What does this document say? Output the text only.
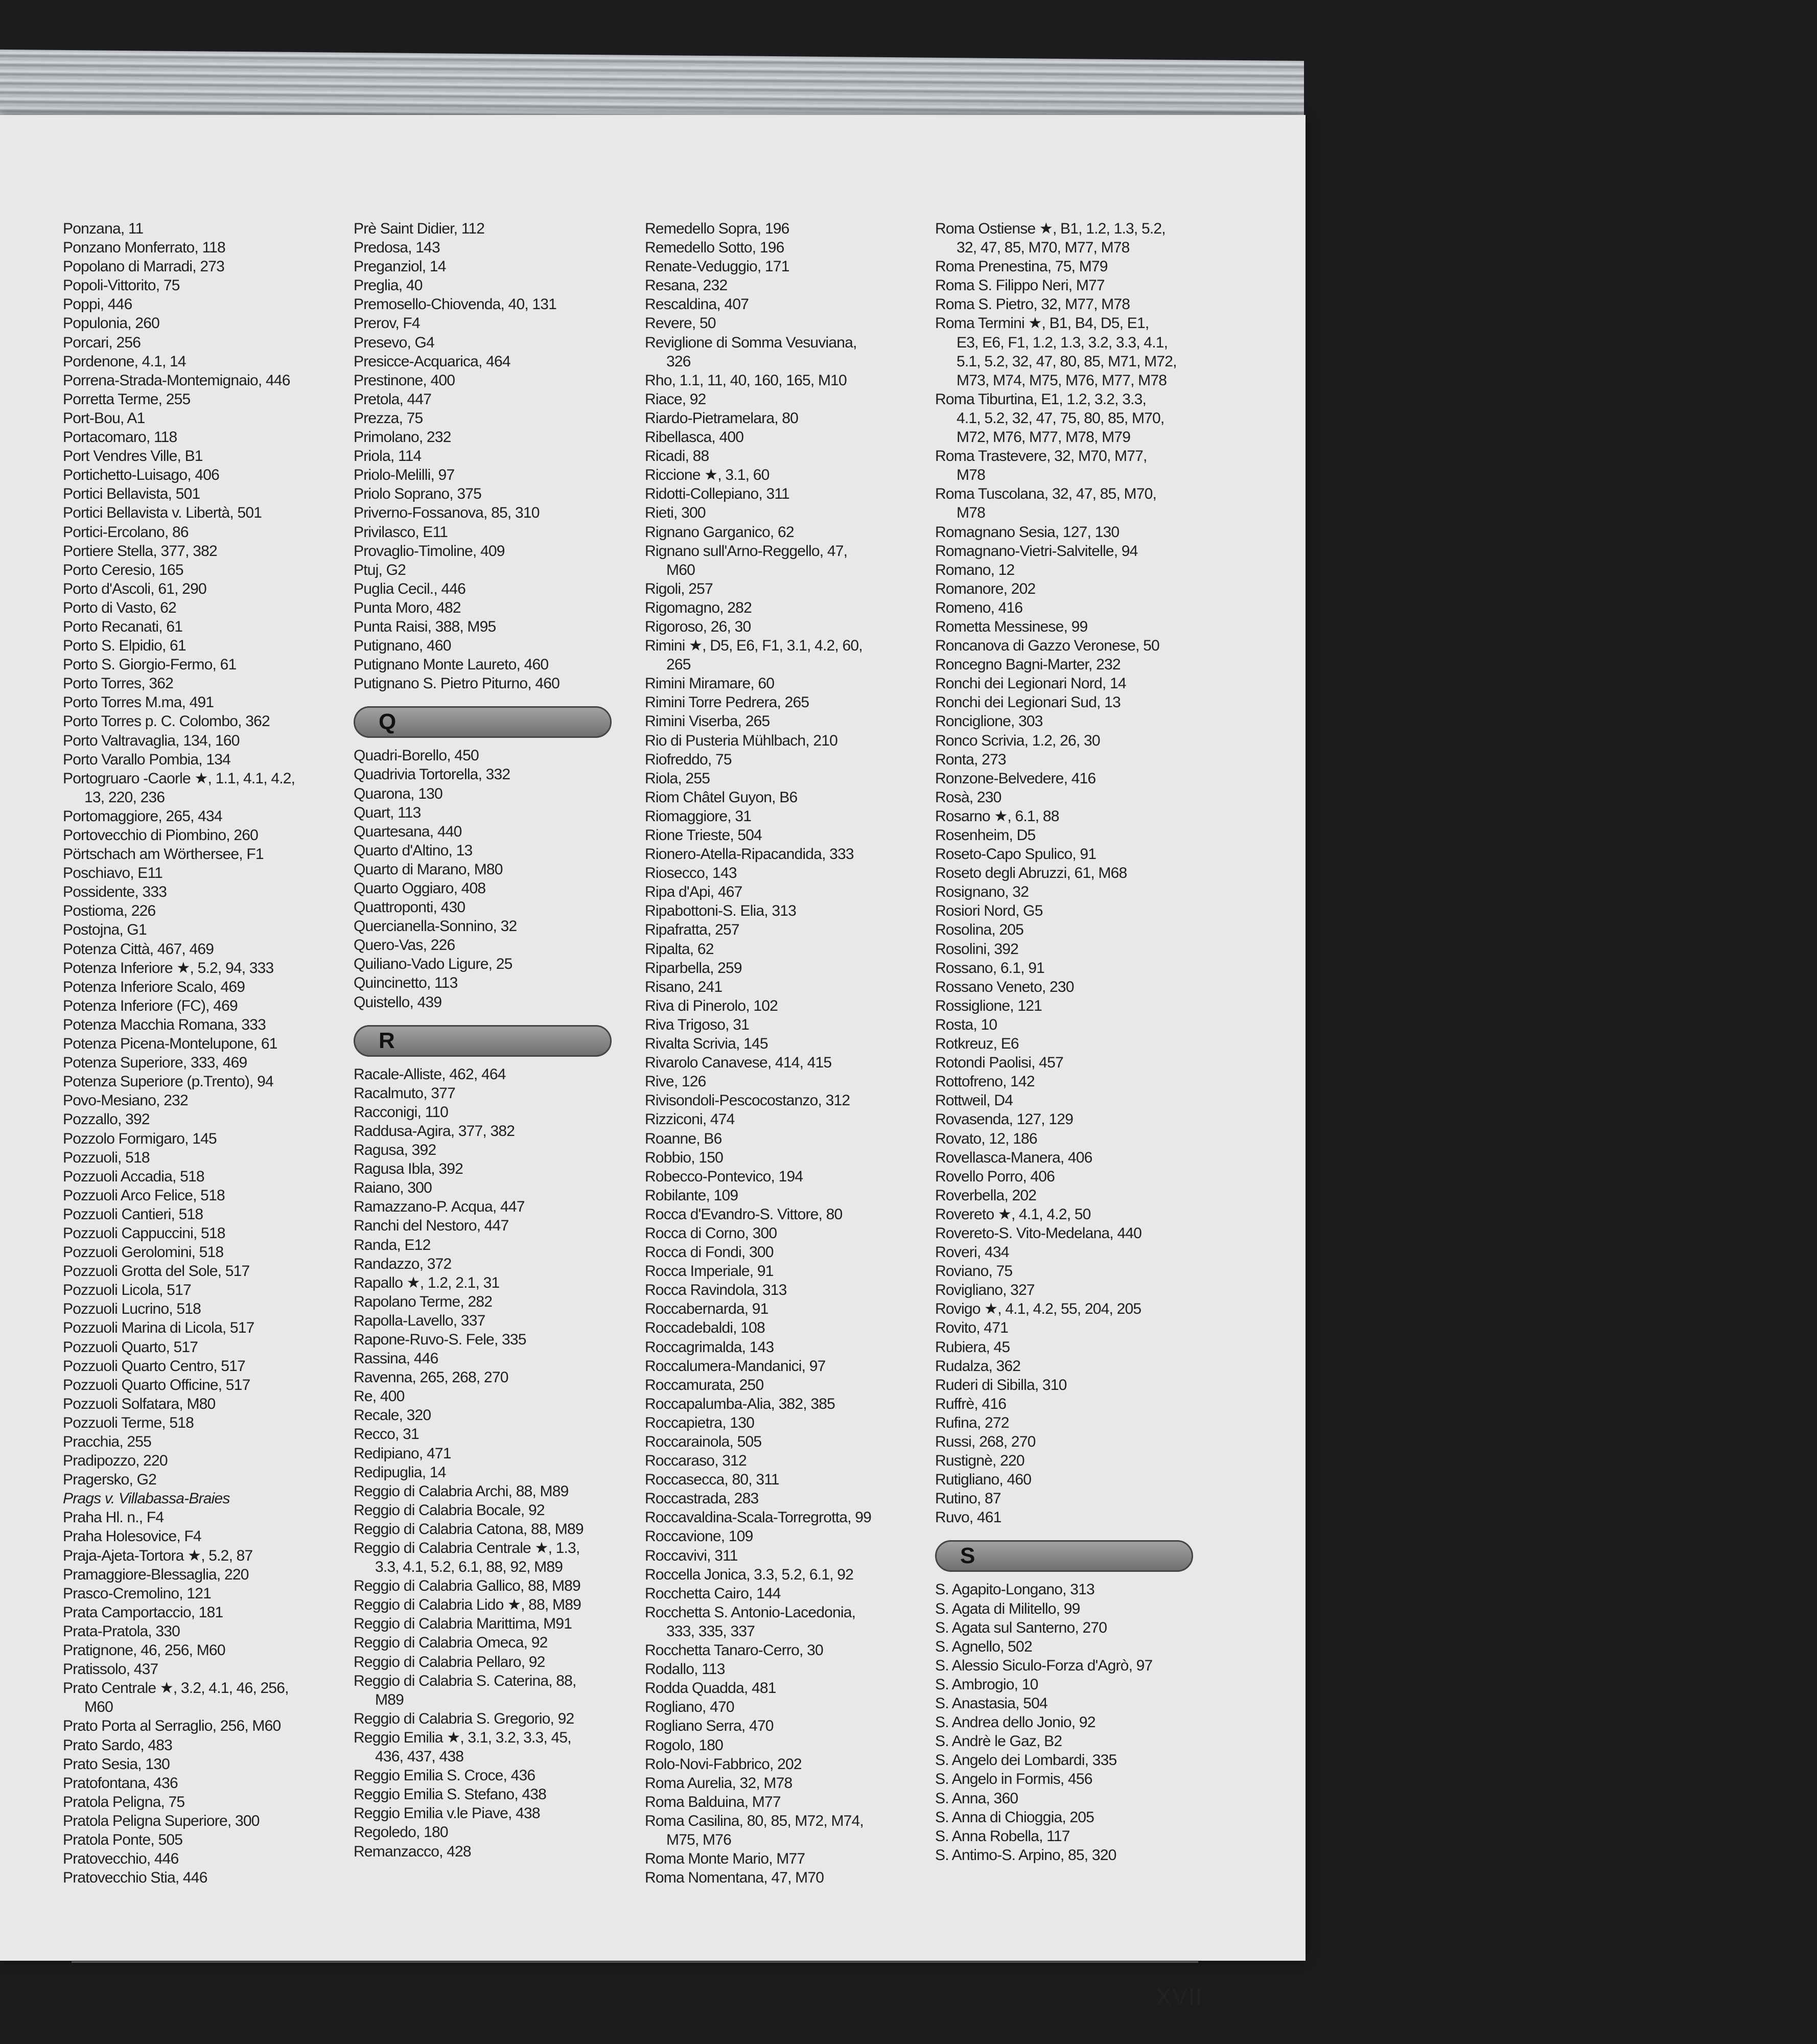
Ponzana, 11
Ponzano Monferrato, 118
Popolano di Marradi, 273
Popoli-Vittorito, 75
Poppi, 446
Populonia, 260
Porcari, 256
Pordenone, 4.1, 14
Porrena-Strada-Montemignaio, 446
Porretta Terme, 255
Port-Bou, A1
Portacomaro, 118
Port Vendres Ville, B1
Portichetto-Luisago, 406
Portici Bellavista, 501
Portici Bellavista v. Libertà, 501
Portici-Ercolano, 86
Portiere Stella, 377, 382
Porto Ceresio, 165
Porto d'Ascoli, 61, 290
Porto di Vasto, 62
Porto Recanati, 61
Porto S. Elpidio, 61
Porto S. Giorgio-Fermo, 61
Porto Torres, 362
Porto Torres M.ma, 491
Porto Torres p. C. Colombo, 362
Porto Valtravaglia, 134, 160
Porto Varallo Pombia, 134
Portogruaro -Caorle ★, 1.1, 4.1, 4.2,
13, 220, 236
Portomaggiore, 265, 434
Portovecchio di Piombino, 260
Pörtschach am Wörthersee, F1
Poschiavo, E11
Possidente, 333
Postioma, 226
Postojna, G1
Potenza Città, 467, 469
Potenza Inferiore ★, 5.2, 94, 333
Potenza Inferiore Scalo, 469
Potenza Inferiore (FC), 469
Potenza Macchia Romana, 333
Potenza Picena-Montelupone, 61
Potenza Superiore, 333, 469
Potenza Superiore (p.Trento), 94
Povo-Mesiano, 232
Pozzallo, 392
Pozzolo Formigaro, 145
Pozzuoli, 518
Pozzuoli Accadia, 518
Pozzuoli Arco Felice, 518
Pozzuoli Cantieri, 518
Pozzuoli Cappuccini, 518
Pozzuoli Gerolomini, 518
Pozzuoli Grotta del Sole, 517
Pozzuoli Licola, 517
Pozzuoli Lucrino, 518
Pozzuoli Marina di Licola, 517
Pozzuoli Quarto, 517
Pozzuoli Quarto Centro, 517
Pozzuoli Quarto Officine, 517
Pozzuoli Solfatara, M80
Pozzuoli Terme, 518
Pracchia, 255
Pradipozzo, 220
Pragersko, G2
Prags v. Villabassa-Braies
Praha Hl. n., F4
Praha Holesovice, F4
Praja-Ajeta-Tortora ★, 5.2, 87
Pramaggiore-Blessaglia, 220
Prasco-Cremolino, 121
Prata Camportaccio, 181
Prata-Pratola, 330
Pratignone, 46, 256, M60
Pratissolo, 437
Prato Centrale ★, 3.2, 4.1, 46, 256,
M60
Prato Porta al Serraglio, 256, M60
Prato Sardo, 483
Prato Sesia, 130
Pratofontana, 436
Pratola Peligna, 75
Pratola Peligna Superiore, 300
Pratola Ponte, 505
Pratovecchio, 446
Pratovecchio Stia, 446
Prè Saint Didier, 112
Predosa, 143
Preganziol, 14
Preglia, 40
Premosello-Chiovenda, 40, 131
Prerov, F4
Presevo, G4
Presicce-Acquarica, 464
Prestinone, 400
Pretola, 447
Prezza, 75
Primolano, 232
Priola, 114
Priolo-Melilli, 97
Priolo Soprano, 375
Priverno-Fossanova, 85, 310
Privilasco, E11
Provaglio-Timoline, 409
Ptuj, G2
Puglia Cecil., 446
Punta Moro, 482
Punta Raisi, 388, M95
Putignano, 460
Putignano Monte Laureto, 460
Putignano S. Pietro Piturno, 460
Q
Quadri-Borello, 450
Quadrivia Tortorella, 332
Quarona, 130
Quart, 113
Quartesana, 440
Quarto d'Altino, 13
Quarto di Marano, M80
Quarto Oggiaro, 408
Quattroponti, 430
Quercianella-Sonnino, 32
Quero-Vas, 226
Quiliano-Vado Ligure, 25
Quincinetto, 113
Quistello, 439
R
Racale-Alliste, 462, 464
Racalmuto, 377
Racconigi, 110
Raddusa-Agira, 377, 382
Ragusa, 392
Ragusa Ibla, 392
Raiano, 300
Ramazzano-P. Acqua, 447
Ranchi del Nestoro, 447
Randa, E12
Randazzo, 372
Rapallo ★, 1.2, 2.1, 31
Rapolano Terme, 282
Rapolla-Lavello, 337
Rapone-Ruvo-S. Fele, 335
Rassina, 446
Ravenna, 265, 268, 270
Re, 400
Recale, 320
Recco, 31
Redipiano, 471
Redipuglia, 14
Reggio di Calabria Archi, 88, M89
Reggio di Calabria Bocale, 92
Reggio di Calabria Catona, 88, M89
Reggio di Calabria Centrale ★, 1.3,
3.3, 4.1, 5.2, 6.1, 88, 92, M89
Reggio di Calabria Gallico, 88, M89
Reggio di Calabria Lido ★, 88, M89
Reggio di Calabria Marittima, M91
Reggio di Calabria Omeca, 92
Reggio di Calabria Pellaro, 92
Reggio di Calabria S. Caterina, 88,
M89
Reggio di Calabria S. Gregorio, 92
Reggio Emilia ★, 3.1, 3.2, 3.3, 45,
436, 437, 438
Reggio Emilia S. Croce, 436
Reggio Emilia S. Stefano, 438
Reggio Emilia v.le Piave, 438
Regoledo, 180
Remanzacco, 428
Remedello Sopra, 196
Remedello Sotto, 196
Renate-Veduggio, 171
Resana, 232
Rescaldina, 407
Revere, 50
Reviglione di Somma Vesuviana,
326
Rho, 1.1, 11, 40, 160, 165, M10
Riace, 92
Riardo-Pietramelara, 80
Ribellasca, 400
Ricadi, 88
Riccione ★, 3.1, 60
Ridotti-Collepiano, 311
Rieti, 300
Rignano Garganico, 62
Rignano sull'Arno-Reggello, 47,
M60
Rigoli, 257
Rigomagno, 282
Rigoroso, 26, 30
Rimini ★, D5, E6, F1, 3.1, 4.2, 60,
265
Rimini Miramare, 60
Rimini Torre Pedrera, 265
Rimini Viserba, 265
Rio di Pusteria Mühlbach, 210
Riofreddo, 75
Riola, 255
Riom Châtel Guyon, B6
Riomaggiore, 31
Rione Trieste, 504
Rionero-Atella-Ripacandida, 333
Riosecco, 143
Ripa d'Api, 467
Ripabottoni-S. Elia, 313
Ripafratta, 257
Ripalta, 62
Riparbella, 259
Risano, 241
Riva di Pinerolo, 102
Riva Trigoso, 31
Rivalta Scrivia, 145
Rivarolo Canavese, 414, 415
Rive, 126
Rivisondoli-Pescocostanzo, 312
Rizziconi, 474
Roanne, B6
Robbio, 150
Robecco-Pontevico, 194
Robilante, 109
Rocca d'Evandro-S. Vittore, 80
Rocca di Corno, 300
Rocca di Fondi, 300
Rocca Imperiale, 91
Rocca Ravindola, 313
Roccabernarda, 91
Roccadebaldi, 108
Roccagrimalda, 143
Roccalumera-Mandanici, 97
Roccamurata, 250
Roccapalumba-Alia, 382, 385
Roccapietra, 130
Roccarainola, 505
Roccaraso, 312
Roccasecca, 80, 311
Roccastrada, 283
Roccavaldina-Scala-Torregrotta, 99
Roccavione, 109
Roccavivi, 311
Roccella Jonica, 3.3, 5.2, 6.1, 92
Rocchetta Cairo, 144
Rocchetta S. Antonio-Lacedonia,
333, 335, 337
Rocchetta Tanaro-Cerro, 30
Rodallo, 113
Rodda Quadda, 481
Rogliano, 470
Rogliano Serra, 470
Rogolo, 180
Rolo-Novi-Fabbrico, 202
Roma Aurelia, 32, M78
Roma Balduina, M77
Roma Casilina, 80, 85, M72, M74,
M75, M76
Roma Monte Mario, M77
Roma Nomentana, 47, M70
Roma Ostiense ★, B1, 1.2, 1.3, 5.2,
32, 47, 85, M70, M77, M78
Roma Prenestina, 75, M79
Roma S. Filippo Neri, M77
Roma S. Pietro, 32, M77, M78
Roma Termini ★, B1, B4, D5, E1,
E3, E6, F1, 1.2, 1.3, 3.2, 3.3, 4.1,
5.1, 5.2, 32, 47, 80, 85, M71, M72,
M73, M74, M75, M76, M77, M78
Roma Tiburtina, E1, 1.2, 3.2, 3.3,
4.1, 5.2, 32, 47, 75, 80, 85, M70,
M72, M76, M77, M78, M79
Roma Trastevere, 32, M70, M77,
M78
Roma Tuscolana, 32, 47, 85, M70,
M78
Romagnano Sesia, 127, 130
Romagnano-Vietri-Salvitelle, 94
Romano, 12
Romanore, 202
Romeno, 416
Rometta Messinese, 99
Roncanova di Gazzo Veronese, 50
Roncegno Bagni-Marter, 232
Ronchi dei Legionari Nord, 14
Ronchi dei Legionari Sud, 13
Ronciglione, 303
Ronco Scrivia, 1.2, 26, 30
Ronta, 273
Ronzone-Belvedere, 416
Rosà, 230
Rosarno ★, 6.1, 88
Rosenheim, D5
Roseto-Capo Spulico, 91
Roseto degli Abruzzi, 61, M68
Rosignano, 32
Rosiori Nord, G5
Rosolina, 205
Rosolini, 392
Rossano, 6.1, 91
Rossano Veneto, 230
Rossiglione, 121
Rosta, 10
Rotkreuz, E6
Rotondi Paolisi, 457
Rottofreno, 142
Rottweil, D4
Rovasenda, 127, 129
Rovato, 12, 186
Rovellasca-Manera, 406
Rovello Porro, 406
Roverbella, 202
Rovereto ★, 4.1, 4.2, 50
Rovereto-S. Vito-Medelana, 440
Roveri, 434
Roviano, 75
Rovigliano, 327
Rovigo ★, 4.1, 4.2, 55, 204, 205
Rovito, 471
Rubiera, 45
Rudalza, 362
Ruderi di Sibilla, 310
Ruffrè, 416
Rufina, 272
Russi, 268, 270
Rustignè, 220
Rutigliano, 460
Rutino, 87
Ruvo, 461
S
S. Agapito-Longano, 313
S. Agata di Militello, 99
S. Agata sul Santerno, 270
S. Agnello, 502
S. Alessio Siculo-Forza d'Agrò, 97
S. Ambrogio, 10
S. Anastasia, 504
S. Andrea dello Jonio, 92
S. Andrè le Gaz, B2
S. Angelo dei Lombardi, 335
S. Angelo in Formis, 456
S. Anna, 360
S. Anna di Chioggia, 205
S. Anna Robella, 117
S. Antimo-S. Arpino, 85, 320
XVII
